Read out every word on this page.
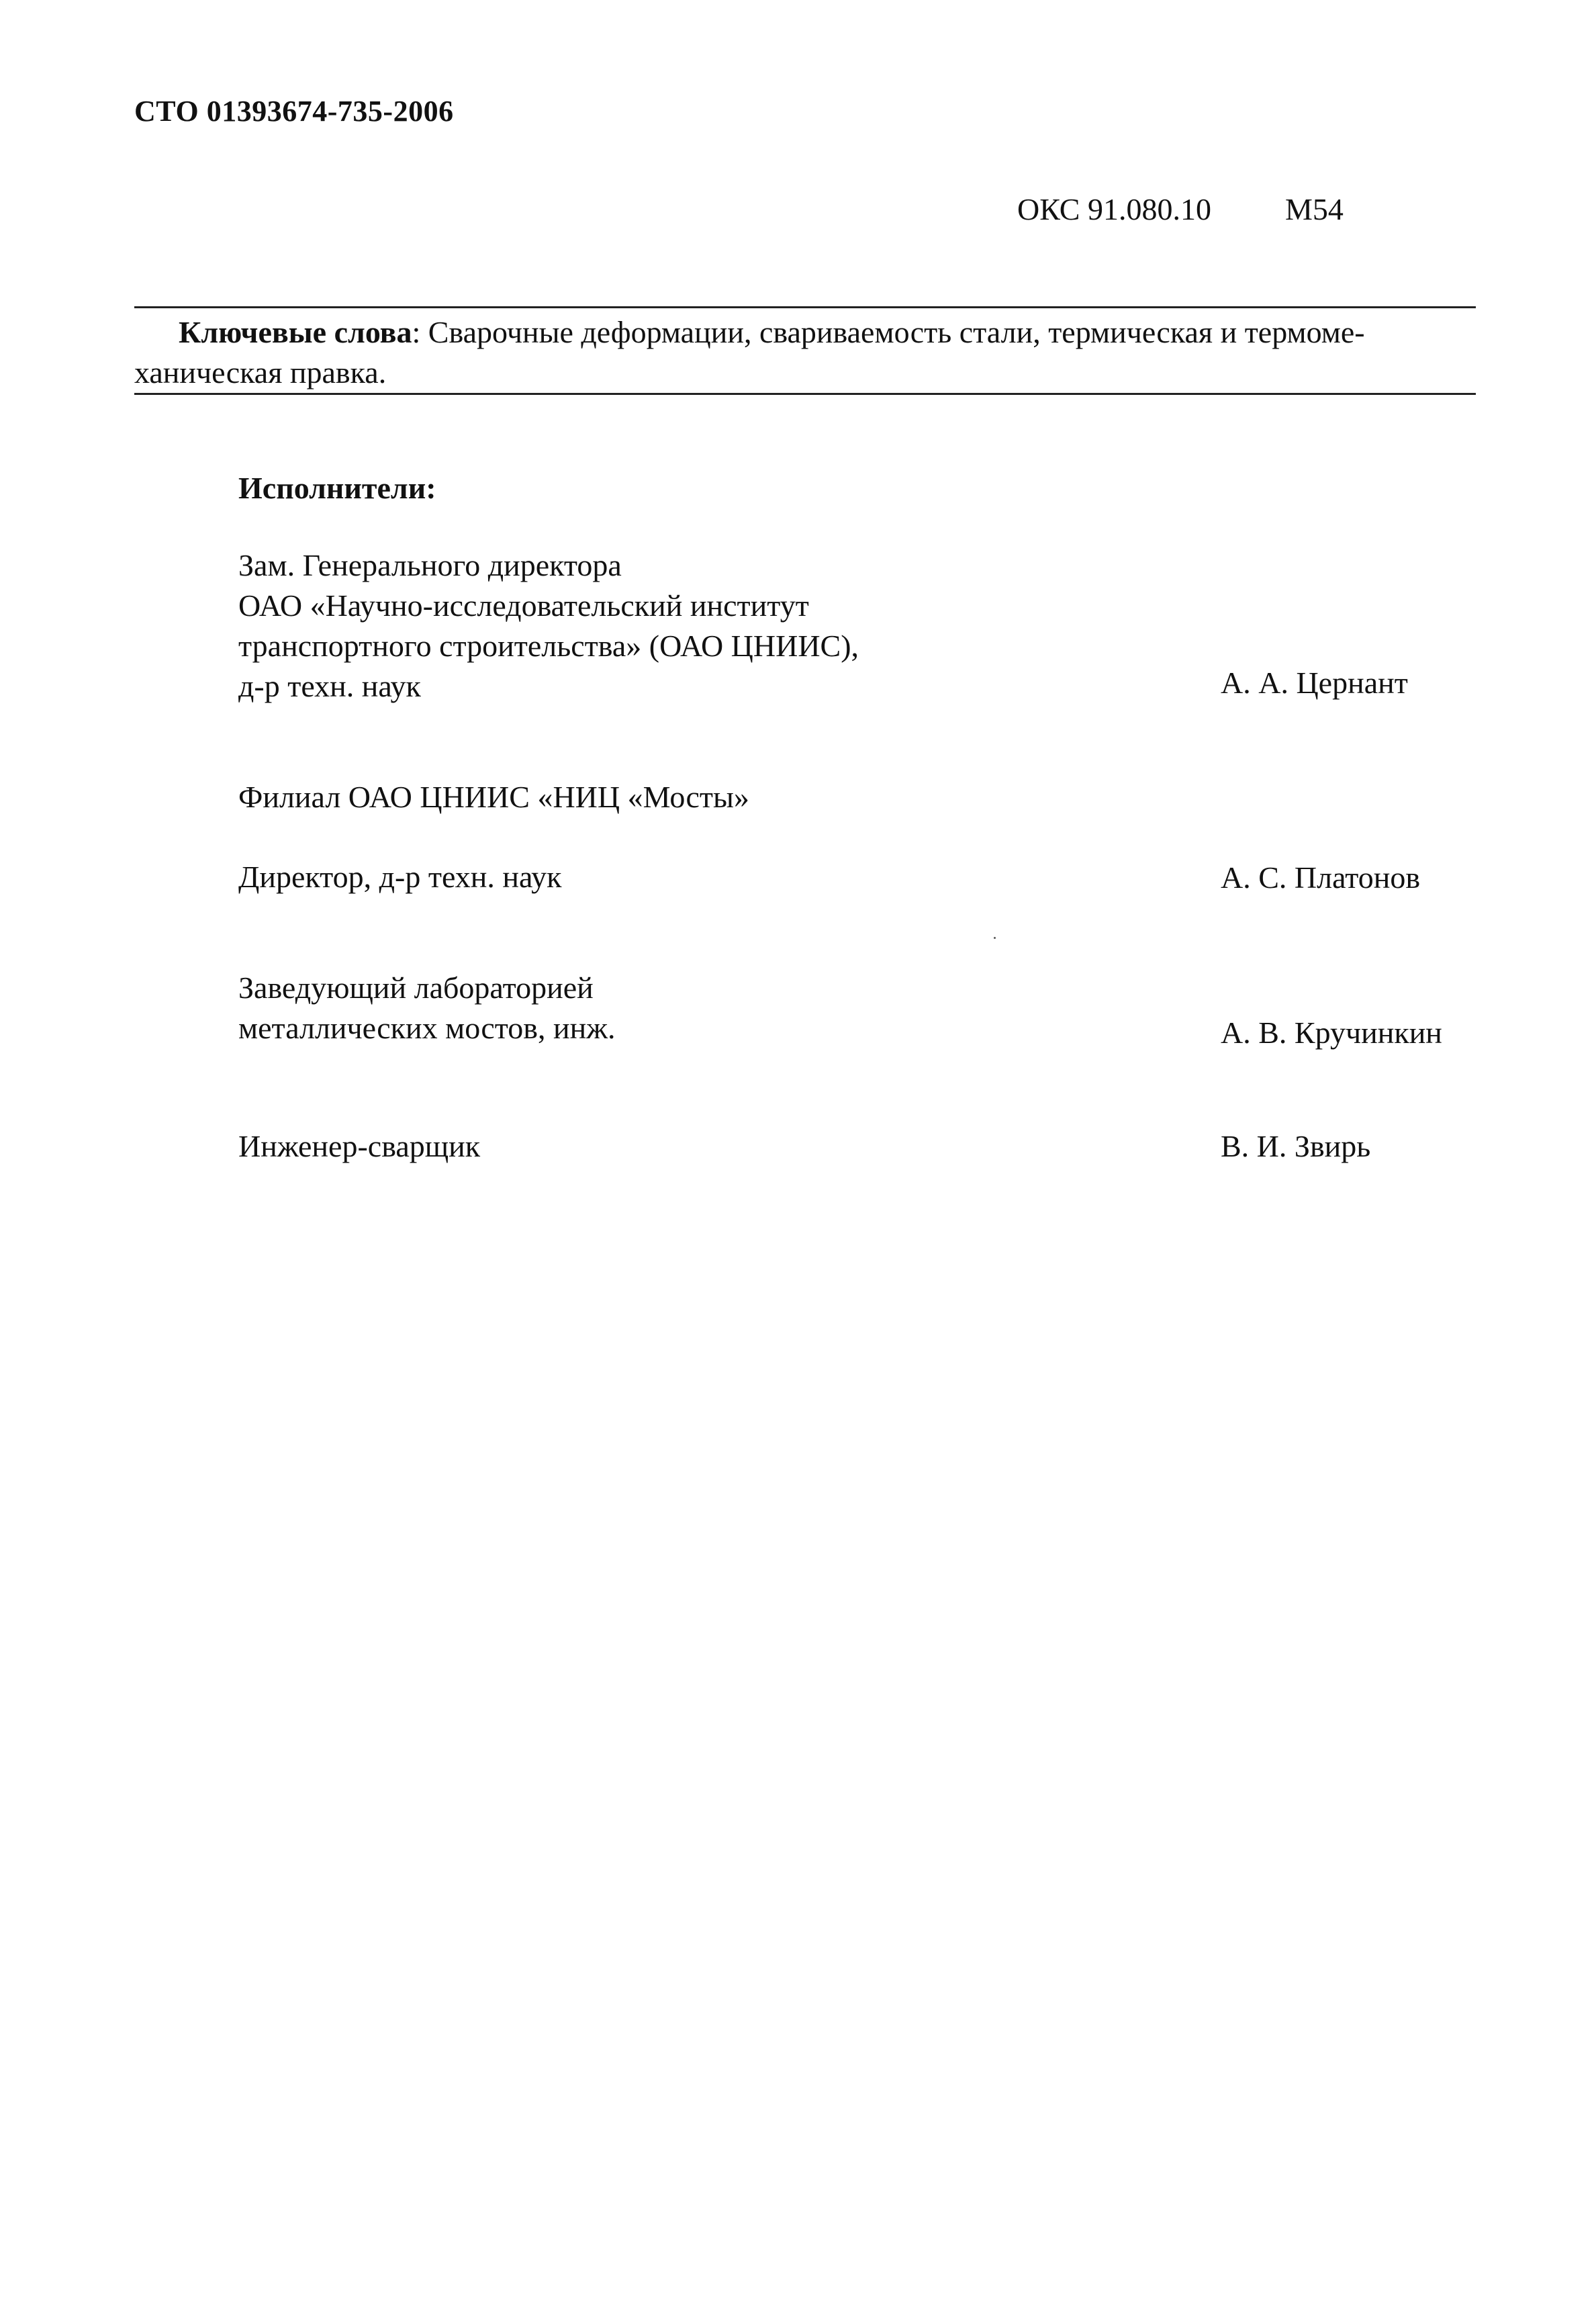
СТО 01393674-735-2006
ОКС 91.080.10 М54
Ключевые слова: Сварочные деформации, свариваемость стали, термическая и термоме-
ханическая правка.
Исполнители:
Зам. Генерального директора
ОАО «Научно-исследовательский институт
транспортного строительства» (ОАО ЦНИИС),
д-р техн. наук	А. А. Цернант
Филиал ОАО ЦНИИС «НИЦ «Мосты»
Директор, д-р техн. наук	А. С. Платонов
Заведующий лабораторией
металлических мостов, инж.	А. В. Кручинкин
Инженер-сварщик	В. И. Звирь
